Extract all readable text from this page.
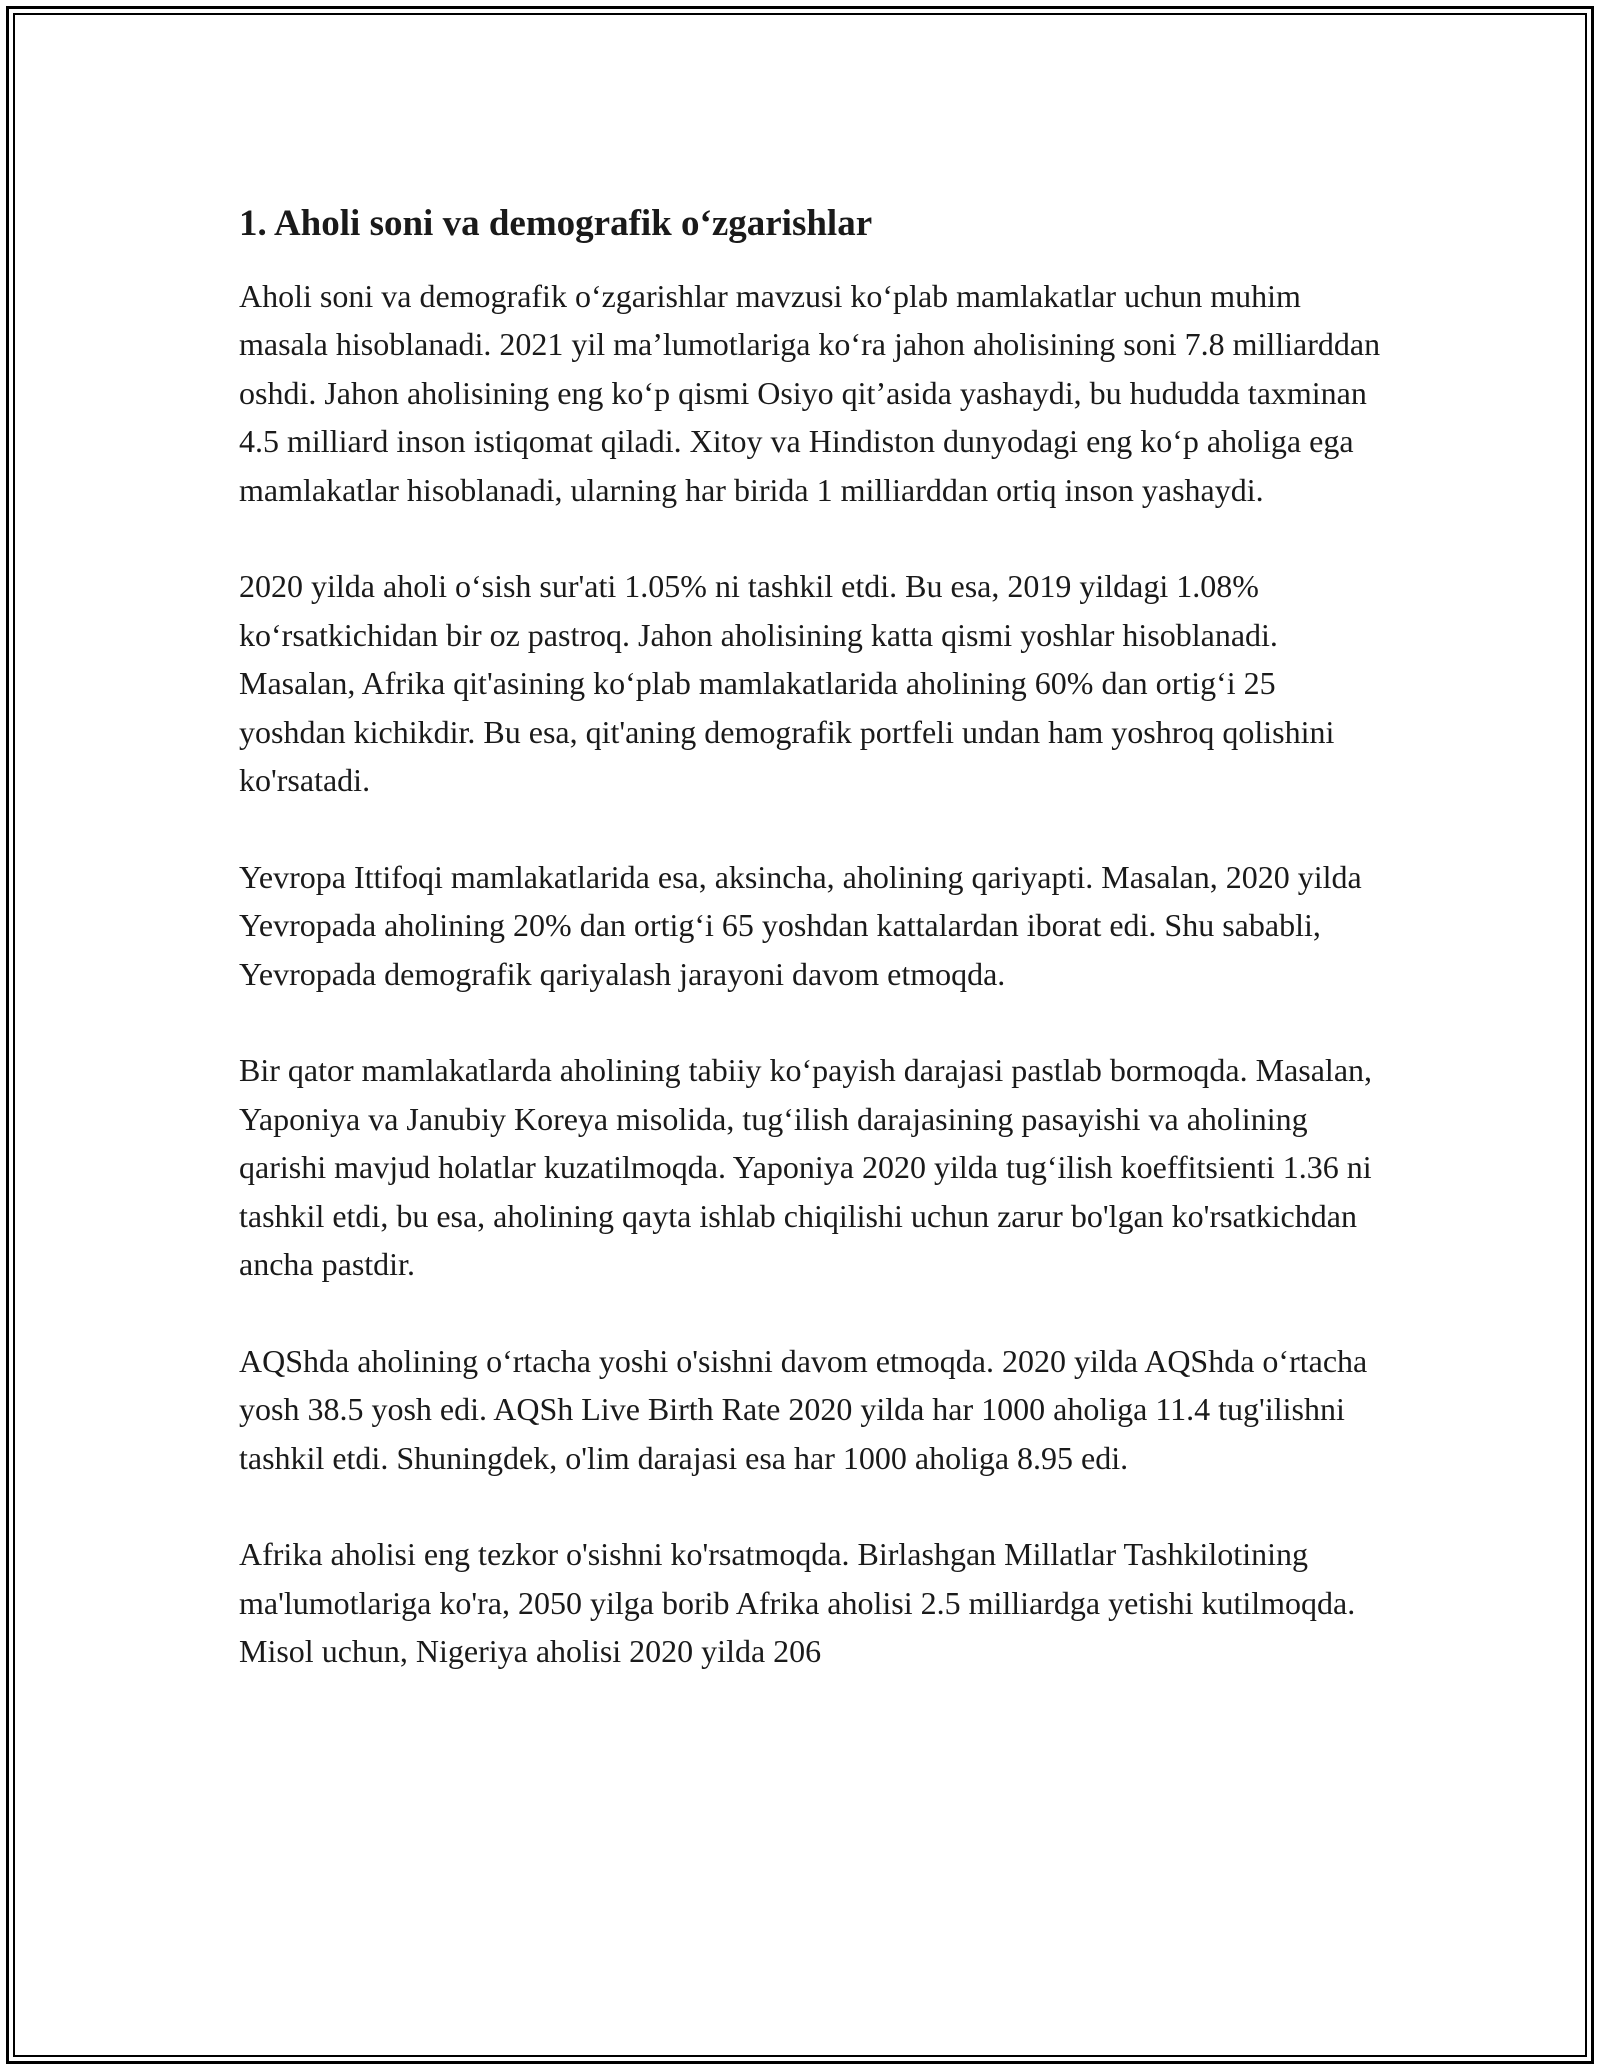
1. Aholi soni va demografik o‘zgarishlar

Aholi soni va demografik o‘zgarishlar mavzusi ko‘plab mamlakatlar uchun muhim masala hisoblanadi. 2021 yil ma’lumotlariga ko‘ra jahon aholisining soni 7.8 milliarddan oshdi. Jahon aholisining eng ko‘p qismi Osiyo qit’asida yashaydi, bu hududda taxminan 4.5 milliard inson istiqomat qiladi. Xitoy va Hindiston dunyodagi eng ko‘p aholiga ega mamlakatlar hisoblanadi, ularning har birida 1 milliarddan ortiq inson yashaydi.

2020 yilda aholi o‘sish sur'ati 1.05% ni tashkil etdi. Bu esa, 2019 yildagi 1.08% ko‘rsatkichidan bir oz pastroq. Jahon aholisining katta qismi yoshlar hisoblanadi. Masalan, Afrika qit'asining ko‘plab mamlakatlarida aholining 60% dan ortig‘i 25 yoshdan kichikdir. Bu esa, qit'aning demografik portfeli undan ham yoshroq qolishini ko'rsatadi.

Yevropa Ittifoqi mamlakatlarida esa, aksincha, aholining qariyapti. Masalan, 2020 yilda Yevropada aholining 20% dan ortig‘i 65 yoshdan kattalardan iborat edi. Shu sababli, Yevropada demografik qariyalash jarayoni davom etmoqda.

Bir qator mamlakatlarda aholining tabiiy ko‘payish darajasi pastlab bormoqda. Masalan, Yaponiya va Janubiy Koreya misolida, tug‘ilish darajasining pasayishi va aholining qarishi mavjud holatlar kuzatilmoqda. Yaponiya 2020 yilda tug‘ilish koeffitsienti 1.36 ni tashkil etdi, bu esa, aholining qayta ishlab chiqilishi uchun zarur bo'lgan ko'rsatkichdan ancha pastdir.

AQShda aholining o‘rtacha yoshi o'sishni davom etmoqda. 2020 yilda AQShda o‘rtacha yosh 38.5 yosh edi. AQSh Live Birth Rate 2020 yilda har 1000 aholiga 11.4 tug'ilishni tashkil etdi. Shuningdek, o'lim darajasi esa har 1000 aholiga 8.95 edi.

Afrika aholisi eng tezkor o'sishni ko'rsatmoqda. Birlashgan Millatlar Tashkilotining ma'lumotlariga ko'ra, 2050 yilga borib Afrika aholisi 2.5 milliardga yetishi kutilmoqda. Misol uchun, Nigeriya aholisi 2020 yilda 206
